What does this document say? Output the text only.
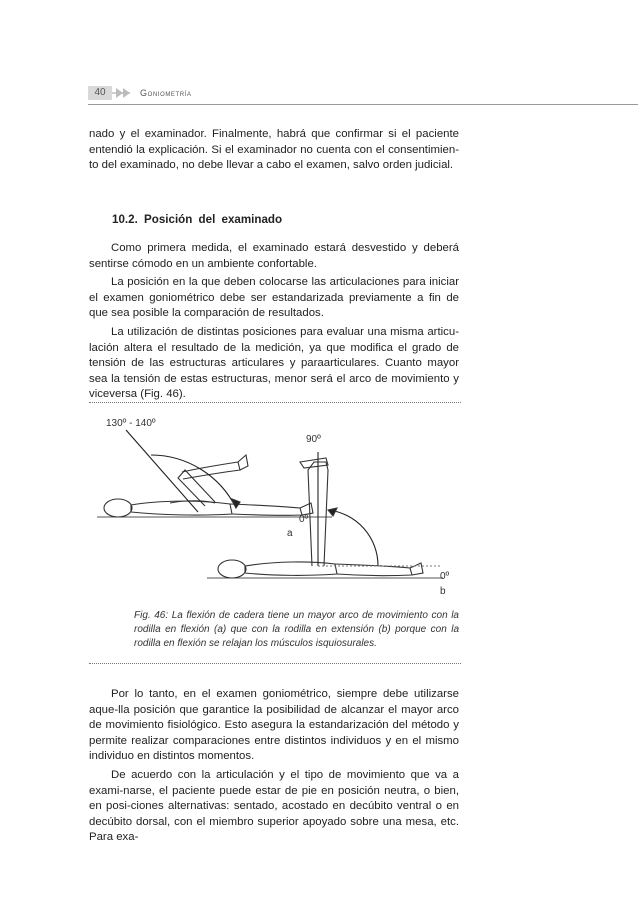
40	Goniometría

nado y el examinador. Finalmente, habrá que confirmar si el paciente entendió la explicación. Si el examinador no cuenta con el consentimien-to del examinado, no debe llevar a cabo el examen, salvo orden judicial.

10.2. Posición del examinado

Como primera medida, el examinado estará desvestido y deberá sentirse cómodo en un ambiente confortable.

La posición en la que deben colocarse las articulaciones para iniciar el examen goniométrico debe ser estandarizada previamente a fin de que sea posible la comparación de resultados.

La utilización de distintas posiciones para evaluar una misma articu-lación altera el resultado de la medición, ya que modifica el grado de tensión de las estructuras articulares y paraarticulares. Cuanto mayor sea la tensión de estas estructuras, menor será el arco de movimiento y viceversa (Fig. 46).

130º - 140º
90º
0º
a
0º
b
Fig. 46: La flexión de cadera tiene un mayor arco de movimiento con la rodilla en flexión (a) que con la rodilla en extensión (b) porque con la rodilla en flexión se relajan los músculos isquiosurales.

Por lo tanto, en el examen goniométrico, siempre debe utilizarse aque-lla posición que garantice la posibilidad de alcanzar el mayor arco de movimiento fisiológico. Esto asegura la estandarización del método y permite realizar comparaciones entre distintos individuos y en el mismo individuo en distintos momentos.

De acuerdo con la articulación y el tipo de movimiento que va a exami-narse, el paciente puede estar de pie en posición neutra, o bien, en posi-ciones alternativas: sentado, acostado en decúbito ventral o en decúbito dorsal, con el miembro superior apoyado sobre una mesa, etc. Para exa-
